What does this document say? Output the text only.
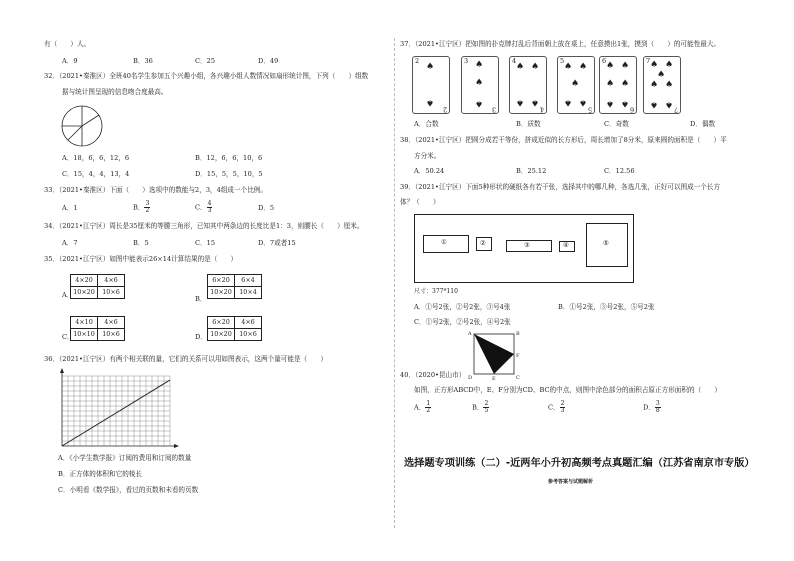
有（　　）人。
A．9	B．36	C．25	D．49
32．（2021•秦淮区）全班40名学生参加五个兴趣小组，各兴趣小组人数情况如扇形统计图，下列（　　）组数
据与统计图呈现的信息吻合度最高。
A．18，6，6，12，6	B．12，6，6，10，6
C．15，4，4，13，4	D．15，5，5，10，5
33．（2021•秦淮区）下面（　　）选项中的数能与2，3，4组成一个比例。
A．1	B． $\frac{3}{2}$	C． $\frac{4}{3}$	D．5
34．（2021•江宁区）周长是35厘米的等腰三角形，已知其中两条边的长度比是1：3，则腰长（　　）厘米。
A．7	B．5	C．15	D．7或者15
35．（2021•江宁区）如图中能表示26×14计算结果的是（　　）
A．
4×20	4×6
10×20	10×6
B．
6×20	6×4
10×20	10×4
C．
4×10	4×6
10×10	10×6	D．
6×20	4×6
10×20	10×6
36．（2021•江宁区）有两个相关联的量，它们的关系可以用如图表示，这两个量可能是（　　）
A．《小学生数学报》订阅的费用和订阅的数量
B．正方体的体积和它的棱长
C．小明看《数学报》，看过的页数和未看的页数
37．（2021•江宁区）把如图的扑克牌打乱后背面朝上放在桌上，任意摸出1张，摸到（　　）的可能性最大。
2
2
♠
♠
3
3
♠
♠
♠
4
4
♠ ♠
♠ ♠
5
5
♠ ♠
♠
♠ ♠
6
6
♠ ♠
♠ ♠
♠ ♠
7
7
♠ ♠
♠
♠ ♠
♠ ♠
A．合数	B．质数	C．奇数	D．偶数
38．（2021•江宁区）把圆分成若干等份，拼成近似的长方形后，周长增加了8分米，原来圆的面积是（　　）平
方分米。
A．50.24	B．25.12	C．12.56
39．（2021•江宁区）下面5种形状的硬纸各有若干张，选择其中的哪几种，各选几张，正好可以围成一个长方
体？（　　）
①	②	③	④	⑤
尺寸：377*110
A．①号2张，②号2张，③号4张	B．①号2张，③号2张，⑤号2张
C．①号2张，②号2张，④号2张
A	B
C
D	E
F
40．（2020•昆山市）
如图，正方形ABCD中，E、F分别为CD、BC的中点，则图中涂色部分的面积占原正方形面积的（　　）
A． $\frac{1}{2}$	B． $\frac{2}{5}$	C． $\frac{2}{3}$	D． $\frac{3}{8}$
选择题专项训练（二）-近两年小升初高频考点真题汇编（江苏省南京市专版）
参考答案与试题解析
